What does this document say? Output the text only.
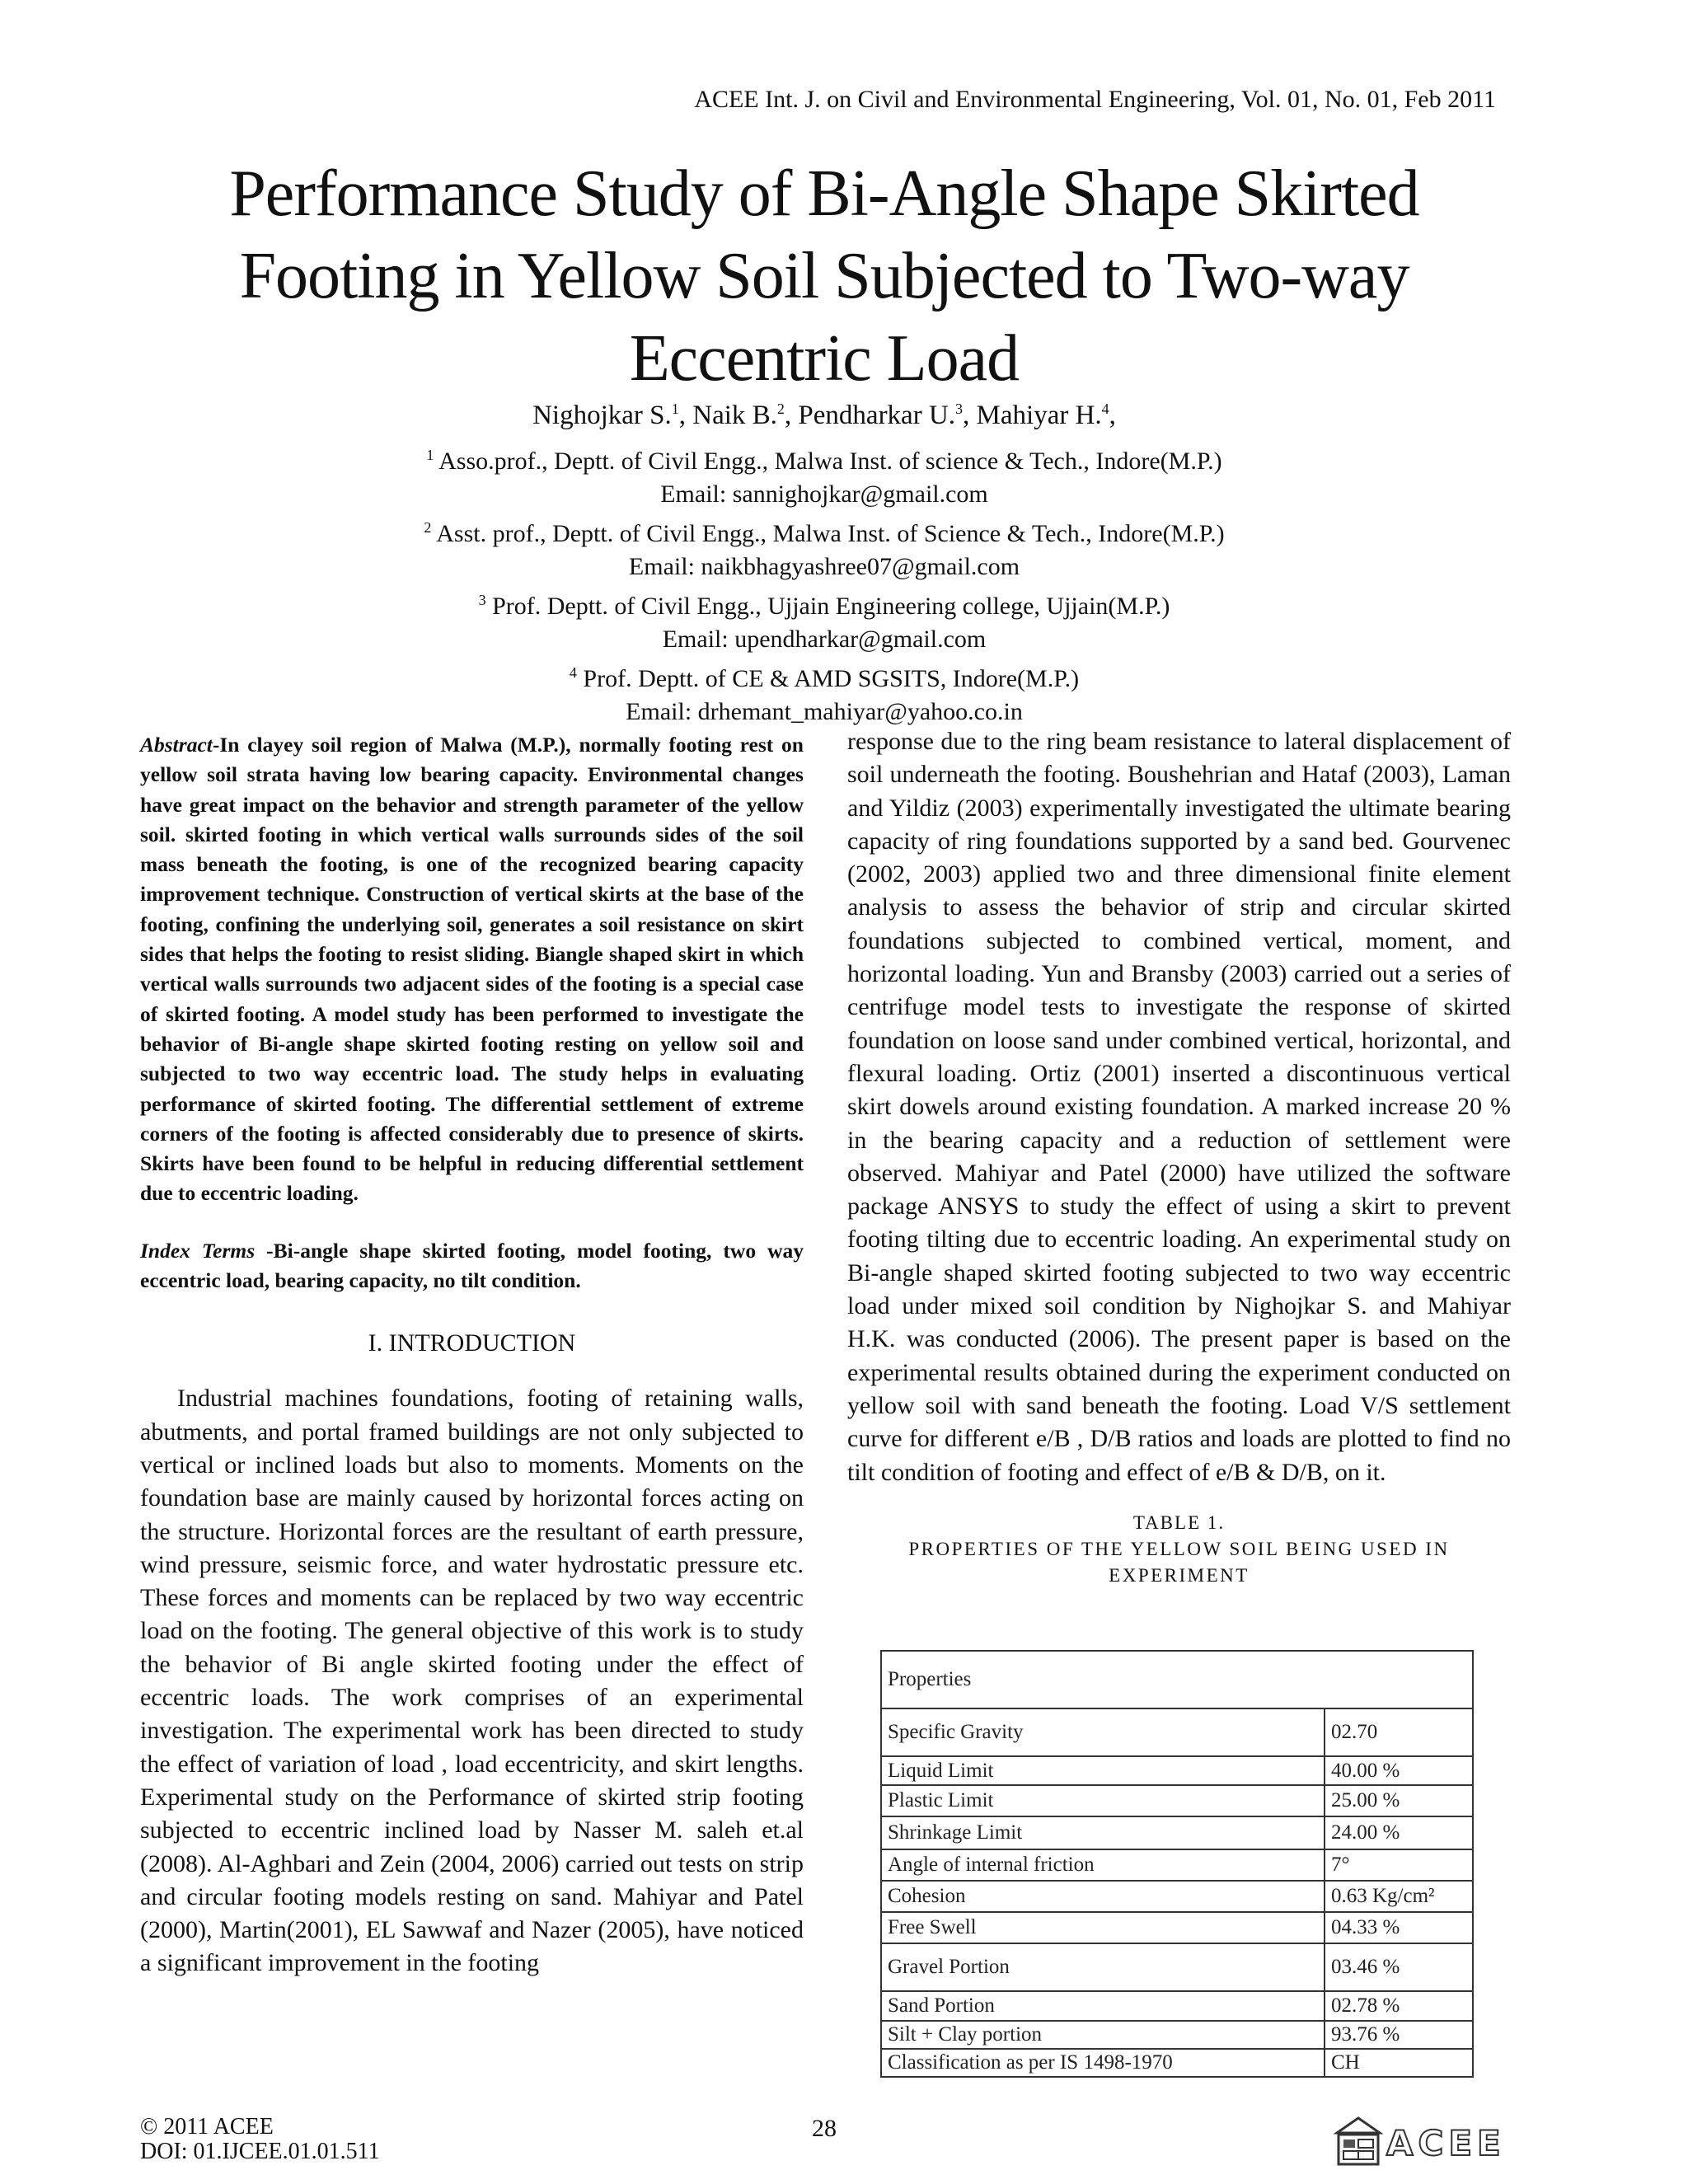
ACEE Int. J. on Civil and Environmental Engineering, Vol. 01, No. 01, Feb 2011
Performance Study of Bi-Angle Shape Skirted
Footing in Yellow Soil Subjected to Two-way
Eccentric Load
Nighojkar S.$^1$, Naik B.$^2$, Pendharkar U.$^3$, Mahiyar H.$^4$,
$^1$ Asso.prof., Deptt. of Civil Engg., Malwa Inst. of science & Tech., Indore(M.P.)
Email: sannighojkar@gmail.com
$^2$ Asst. prof., Deptt. of Civil Engg., Malwa Inst. of Science & Tech., Indore(M.P.)
Email: naikbhagyashree07@gmail.com
$^3$ Prof. Deptt. of Civil Engg., Ujjain Engineering college, Ujjain(M.P.)
Email: upendharkar@gmail.com
$^4$ Prof. Deptt. of CE & AMD SGSITS, Indore(M.P.)
Email: drhemant_mahiyar@yahoo.co.in

Abstract-In clayey soil region of Malwa (M.P.), normally footing rest on yellow soil strata having low bearing capacity. Environmental changes have great impact on the behavior and strength parameter of the yellow soil. skirted footing in which vertical walls surrounds sides of the soil mass beneath the footing, is one of the recognized bearing capacity improvement technique. Construction of vertical skirts at the base of the footing, confining the underlying soil, generates a soil resistance on skirt sides that helps the footing to resist sliding. Biangle shaped skirt in which vertical walls surrounds two adjacent sides of the footing is a special case of skirted footing. A model study has been performed to investigate the behavior of Bi-angle shape skirted footing resting on yellow soil and subjected to two way eccentric load. The study helps in evaluating performance of skirted footing. The differential settlement of extreme corners of the footing is affected considerably due to presence of skirts. Skirts have been found to be helpful in reducing differential settlement due to eccentric loading.

Index Terms -Bi-angle shape skirted footing, model footing, two way eccentric load, bearing capacity, no tilt condition.

I. INTRODUCTION

Industrial machines foundations, footing of retaining walls, abutments, and portal framed buildings are not only subjected to vertical or inclined loads but also to moments. Moments on the foundation base are mainly caused by horizontal forces acting on the structure. Horizontal forces are the resultant of earth pressure, wind pressure, seismic force, and water hydrostatic pressure etc. These forces and moments can be replaced by two way eccentric load on the footing. The general objective of this work is to study the behavior of Bi angle skirted footing under the effect of eccentric loads. The work comprises of an experimental investigation. The experimental work has been directed to study the effect of variation of load , load eccentricity, and skirt lengths. Experimental study on the Performance of skirted strip footing subjected to eccentric inclined load by Nasser M. saleh et.al (2008). Al-Aghbari and Zein (2004, 2006) carried out tests on strip and circular footing models resting on sand. Mahiyar and Patel (2000), Martin(2001), EL Sawwaf and Nazer (2005), have noticed a significant improvement in the footing

response due to the ring beam resistance to lateral displacement of soil underneath the footing. Boushehrian and Hataf (2003), Laman and Yildiz (2003) experimentally investigated the ultimate bearing capacity of ring foundations supported by a sand bed. Gourvenec (2002, 2003) applied two and three dimensional finite element analysis to assess the behavior of strip and circular skirted foundations subjected to combined vertical, moment, and horizontal loading. Yun and Bransby (2003) carried out a series of centrifuge model tests to investigate the response of skirted foundation on loose sand under combined vertical, horizontal, and flexural loading. Ortiz (2001) inserted a discontinuous vertical skirt dowels around existing foundation. A marked increase 20 % in the bearing capacity and a reduction of settlement were observed. Mahiyar and Patel (2000) have utilized the software package ANSYS to study the effect of using a skirt to prevent footing tilting due to eccentric loading. An experimental study on Bi-angle shaped skirted footing subjected to two way eccentric load under mixed soil condition by Nighojkar S. and Mahiyar H.K. was conducted (2006). The present paper is based on the experimental results obtained during the experiment conducted on yellow soil with sand beneath the footing. Load V/S settlement curve for different e/B , D/B ratios and loads are plotted to find no tilt condition of footing and effect of e/B & D/B, on it.

TABLE 1.
PROPERTIES OF THE YELLOW SOIL BEING USED IN
EXPERIMENT
Properties	
Specific Gravity	02.70
Liquid Limit	40.00 %
Plastic Limit	25.00 %
Shrinkage Limit	24.00 %
Angle of internal friction	7°
Cohesion	0.63 Kg/cm²
Free Swell	04.33 %
Gravel Portion	03.46 %
Sand Portion	02.78 %
Silt + Clay portion	93.76 %
Classification as per IS 1498-1970	CH
© 2011 ACEE
DOI: 01.IJCEE.01.01.511
28	ACEE
